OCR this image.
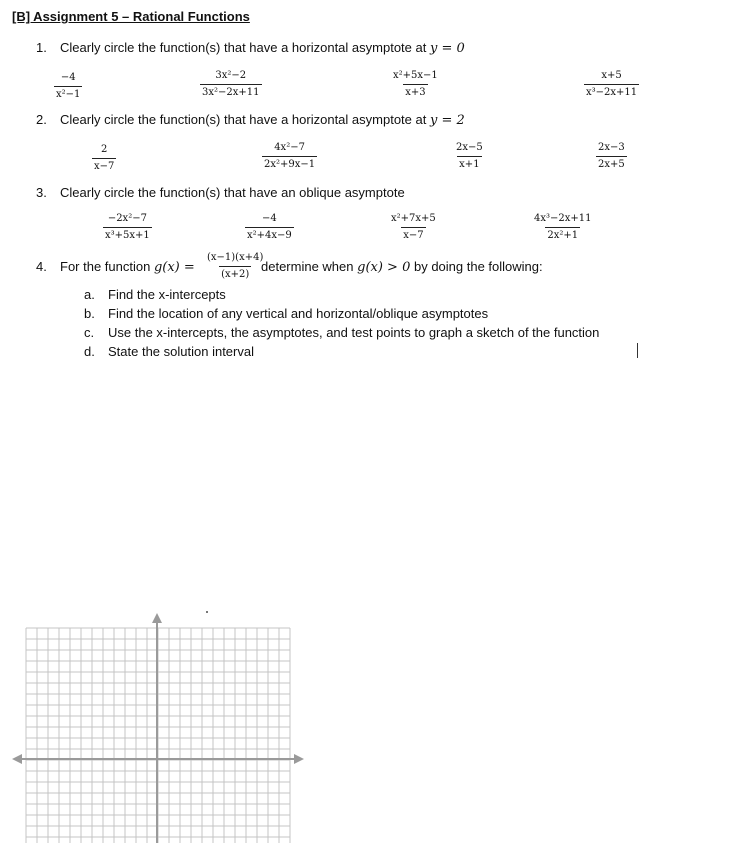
[B] Assignment 5 – Rational Functions
1. Clearly circle the function(s) that have a horizontal asymptote at y = 0
$\frac{-4}{\text{x²−1}}$	$\frac{\text{3x²−2}}{\text{3x²−2x+11}}$	$\frac{\text{x²+5x−1}}{x+3}$	$\frac{x+5}{\text{x³−2x+11}}$
2. Clearly circle the function(s) that have a horizontal asymptote at y = 2
$\frac{2}{x-7}$	$\frac{\text{4x²−7}}{\text{2x²+9x−1}}$	$\frac{2x-5}{x+1}$	$\frac{2x-3}{2x+5}$
3. Clearly circle the function(s) that have an oblique asymptote
$\frac{\text{−2x²−7}}{\text{x³+5x+1}}$	$\frac{-4}{\text{x²+4x−9}}$	$\frac{\text{x²+7x+5}}{x-7}$	$\frac{\text{4x³−2x+11}}{\text{2x²+1}}$
4. For the function $g(x) = \frac{(x-1)(x+4)}{(x+2)}$
determine when g(x) > 0 by doing the following:
a. Find the x-intercepts
b. Find the location of any vertical and horizontal/oblique asymptotes
c. Use the x-intercepts, the asymptotes, and test points to graph a sketch of the function
d. State the solution interval
